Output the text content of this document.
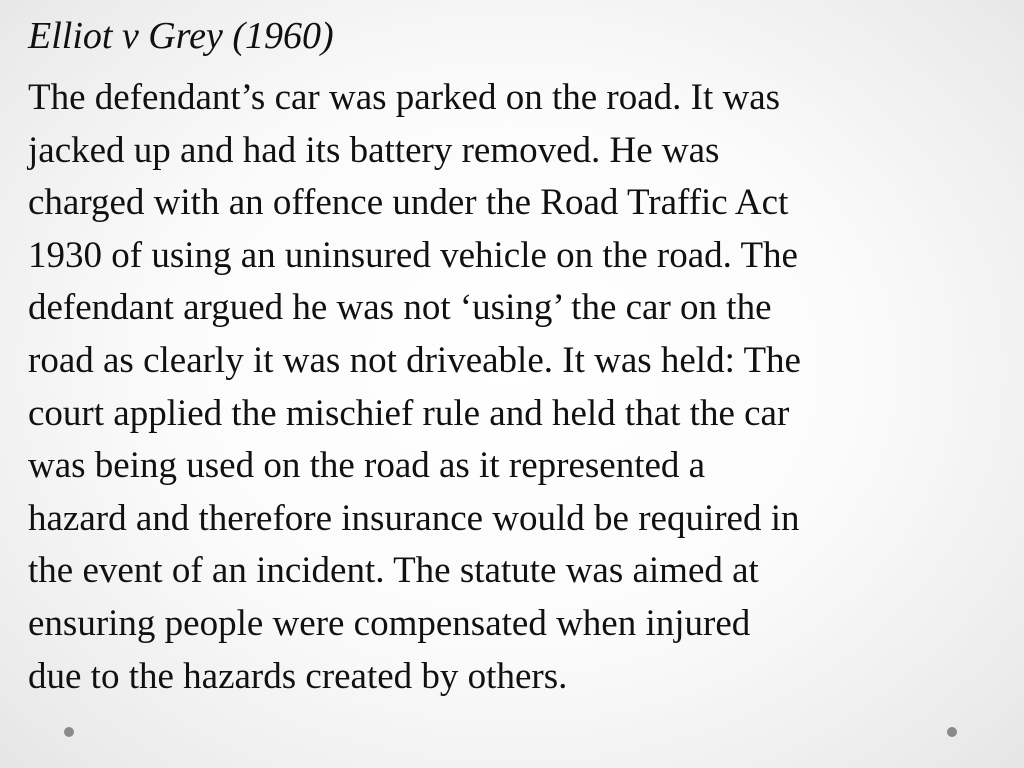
Elliot v Grey (1960)

The defendant’s car was parked on the road. It was
jacked up and had its battery removed. He was
charged with an offence under the Road Traffic Act
1930 of using an uninsured vehicle on the road. The
defendant argued he was not ‘using’ the car on the
road as clearly it was not driveable. It was held: The
court applied the mischief rule and held that the car
was being used on the road as it represented a
hazard and therefore insurance would be required in
the event of an incident. The statute was aimed at
ensuring people were compensated when injured
due to the hazards created by others.
